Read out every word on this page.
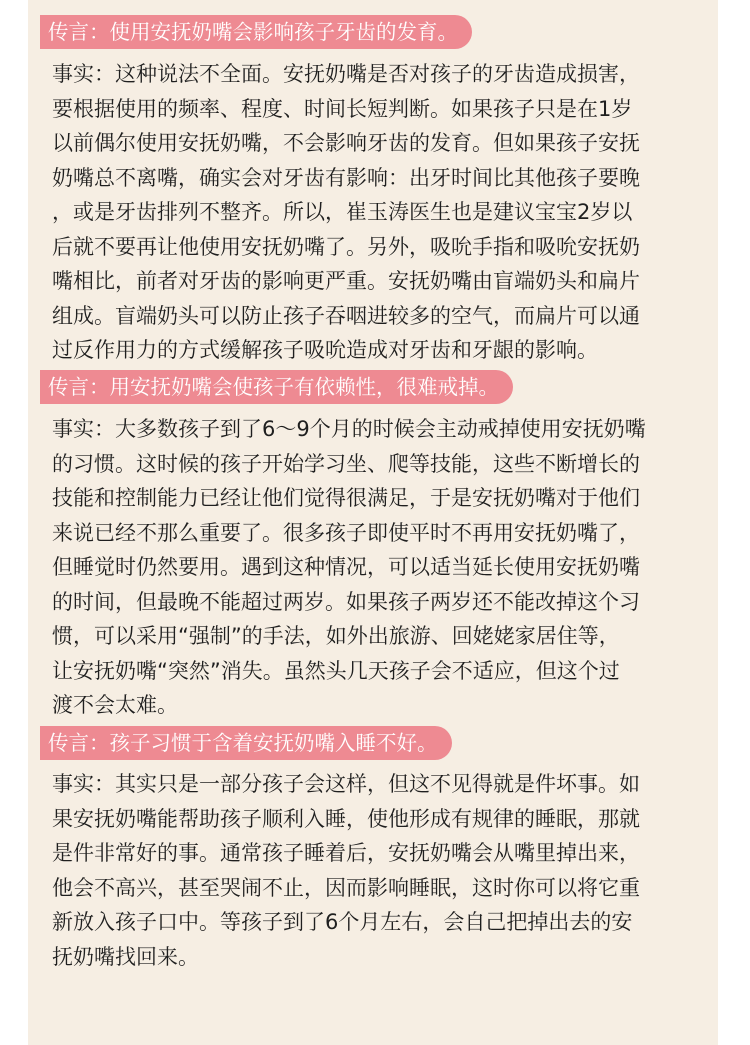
传言：使用安抚奶嘴会影响孩子牙齿的发育。
事实：这种说法不全面。安抚奶嘴是否对孩子的牙齿造成损害，
要根据使用的频率、程度、时间长短判断。如果孩子只是在1岁
以前偶尔使用安抚奶嘴，不会影响牙齿的发育。但如果孩子安抚
奶嘴总不离嘴，确实会对牙齿有影响：出牙时间比其他孩子要晚
，或是牙齿排列不整齐。所以，崔玉涛医生也是建议宝宝2岁以
后就不要再让他使用安抚奶嘴了。另外，吸吮手指和吸吮安抚奶
嘴相比，前者对牙齿的影响更严重。安抚奶嘴由盲端奶头和扁片
组成。盲端奶头可以防止孩子吞咽进较多的空气，而扁片可以通
过反作用力的方式缓解孩子吸吮造成对牙齿和牙龈的影响。
传言：用安抚奶嘴会使孩子有依赖性，很难戒掉。
事实：大多数孩子到了6～9个月的时候会主动戒掉使用安抚奶嘴
的习惯。这时候的孩子开始学习坐、爬等技能，这些不断增长的
技能和控制能力已经让他们觉得很满足，于是安抚奶嘴对于他们
来说已经不那么重要了。很多孩子即使平时不再用安抚奶嘴了，
但睡觉时仍然要用。遇到这种情况，可以适当延长使用安抚奶嘴
的时间，但最晚不能超过两岁。如果孩子两岁还不能改掉这个习
惯，可以采用“强制”的手法，如外出旅游、回姥姥家居住等，
让安抚奶嘴“突然”消失。虽然头几天孩子会不适应，但这个过
渡不会太难。
传言：孩子习惯于含着安抚奶嘴入睡不好。
事实：其实只是一部分孩子会这样，但这不见得就是件坏事。如
果安抚奶嘴能帮助孩子顺利入睡，使他形成有规律的睡眠，那就
是件非常好的事。通常孩子睡着后，安抚奶嘴会从嘴里掉出来，
他会不高兴，甚至哭闹不止，因而影响睡眠，这时你可以将它重
新放入孩子口中。等孩子到了6个月左右，会自己把掉出去的安
抚奶嘴找回来。
